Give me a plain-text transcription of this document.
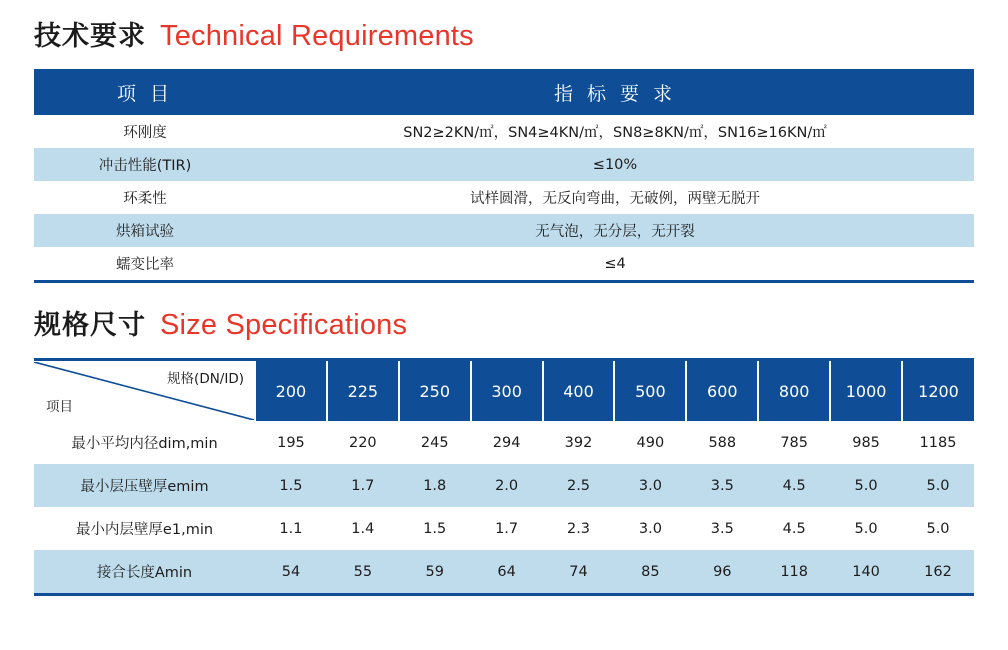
技术要求 Technical Requirements
项 目	指 标 要 求
环刚度	SN2≥2KN/㎡，SN4≥4KN/㎡，SN8≥8KN/㎡，SN16≥16KN/㎡
冲击性能(TIR)	≤10%
环柔性	试样圆滑，无反向弯曲，无破例，两壁无脱开
烘箱试验	无气泡，无分层，无开裂
蠕变比率	≤4
规格尺寸 Size Specifications
规格(DN/ID)
项目	200	225	250	300	400	500	600	800	1000	1200
最小平均内径dim,min	195	220	245	294	392	490	588	785	985	1185
最小层压壁厚emim	1.5	1.7	1.8	2.0	2.5	3.0	3.5	4.5	5.0	5.0
最小内层壁厚e1,min	1.1	1.4	1.5	1.7	2.3	3.0	3.5	4.5	5.0	5.0
接合长度Amin	54	55	59	64	74	85	96	118	140	162
